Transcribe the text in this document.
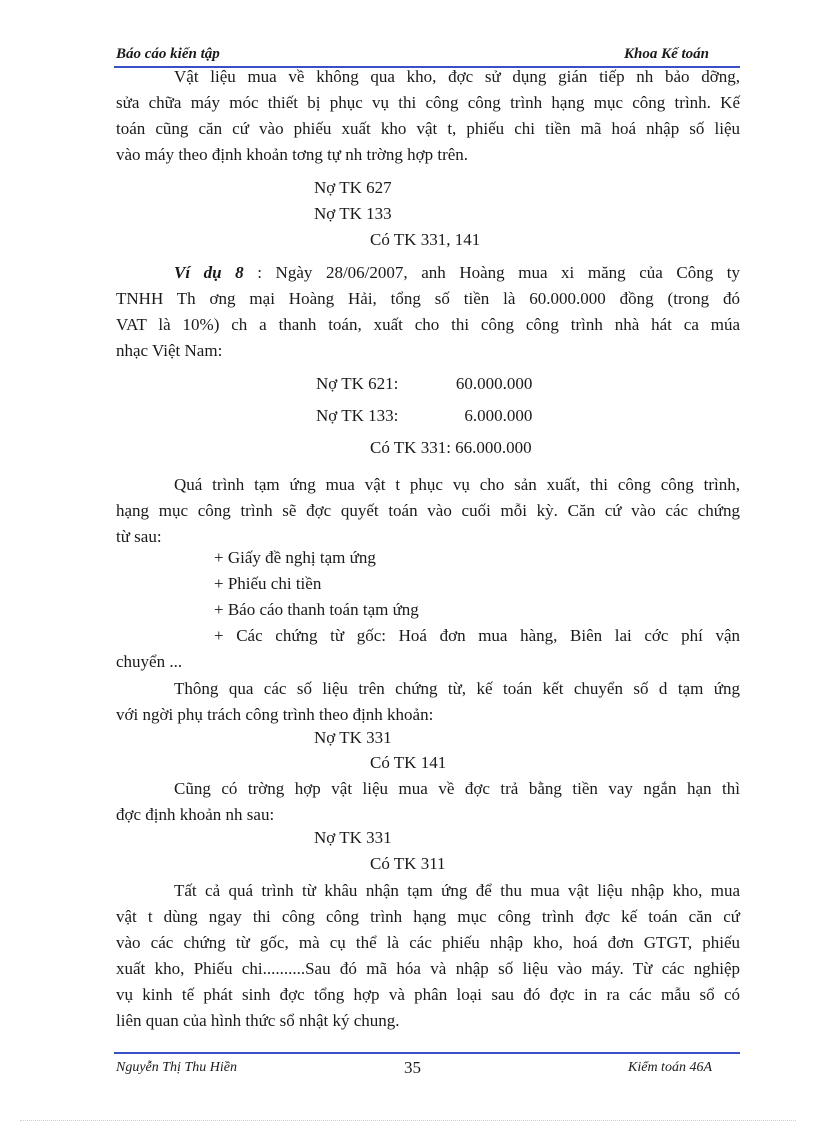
Báo cáo kiến tập	Khoa Kế toán
Vật liệu mua về không qua kho, đợc sử dụng gián tiếp nh bảo dỡng,
sửa chữa máy móc thiết bị phục vụ thi công công trình hạng mục công trình. Kế
toán cũng căn cứ vào phiếu xuất kho vật t, phiếu chi tiền mã hoá nhập số liệu
vào máy theo định khoản tơng tự nh trờng hợp trên.
Nợ TK 627
Nợ TK 133
Có TK 331, 141
Ví dụ 8 : Ngày 28/06/2007, anh Hoàng mua xi măng của Công ty
TNHH Th ơng mại Hoàng Hải, tổng số tiền là 60.000.000 đồng (trong đó
VAT là 10%) ch a thanh toán, xuất cho thi công công trình nhà hát ca múa
nhạc Việt Nam:
Nợ TK 621:	60.000.000
Nợ TK 133:	6.000.000
Có TK 331: 66.000.000
Quá trình tạm ứng mua vật t phục vụ cho sản xuất, thi công công trình,
hạng mục công trình sẽ đợc quyết toán vào cuối mỗi kỳ. Căn cứ vào các chứng
từ sau:
+ Giấy đề nghị tạm ứng
+ Phiếu chi tiền
+ Báo cáo thanh toán tạm ứng
+ Các chứng từ gốc: Hoá đơn mua hàng, Biên lai cớc phí vận
chuyển ...
Thông qua các số liệu trên chứng từ, kế toán kết chuyển số d tạm ứng
với ngời phụ trách công trình theo định khoản:
Nợ TK 331
Có TK 141
Cũng có trờng hợp vật liệu mua về đợc trả bằng tiền vay ngắn hạn thì
đợc định khoản nh sau:
Nợ TK 331
Có TK 311
Tất cả quá trình từ khâu nhận tạm ứng để thu mua vật liệu nhập kho, mua
vật t dùng ngay thi công công trình hạng mục công trình đợc kế toán căn cứ
vào các chứng từ gốc, mà cụ thể là các phiếu nhập kho, hoá đơn GTGT, phiếu
xuất kho, Phiếu chi..........Sau đó mã hóa và nhập số liệu vào máy. Từ các nghiệp
vụ kinh tế phát sinh đợc tổng hợp và phân loại sau đó đợc in ra các mẫu sổ có
liên quan của hình thức sổ nhật ký chung.
Nguyễn Thị Thu Hiền	35	Kiểm toán 46A
